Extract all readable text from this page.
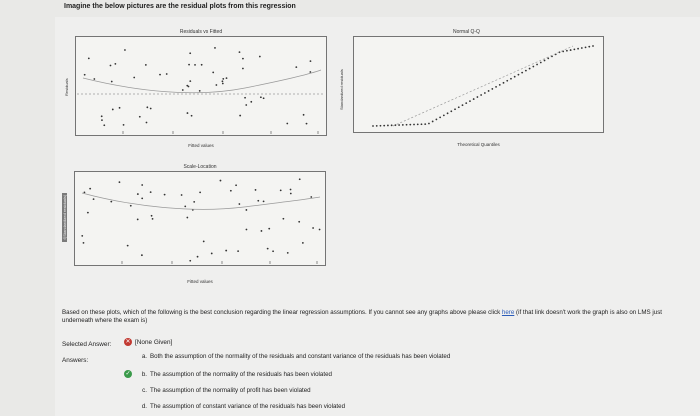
Imagine the below pictures are the residual plots from this regression
Residuals vs Fitted
Fitted values
Residuals
Normal Q-Q
Theoretical Quantiles
Standardized residuals
Scale-Location
Fitted values
√|Standardized residuals|
Based on these plots, which of the following is the best conclusion regarding the linear regression assumptions. If you cannot see any graphs above please click here (if that link doesn't work the graph is also on LMS just underneath where the exam is)
Selected Answer: ✕ [None Given]
Answers:
a. Both the assumption of the normality of the residuals and constant variance of the residuals has been violated
✓	b. The assumption of the normality of the residuals has been violated
c. The assumption of the normality of profit has been violated
d. The assumption of constant variance of the residuals has been violated
